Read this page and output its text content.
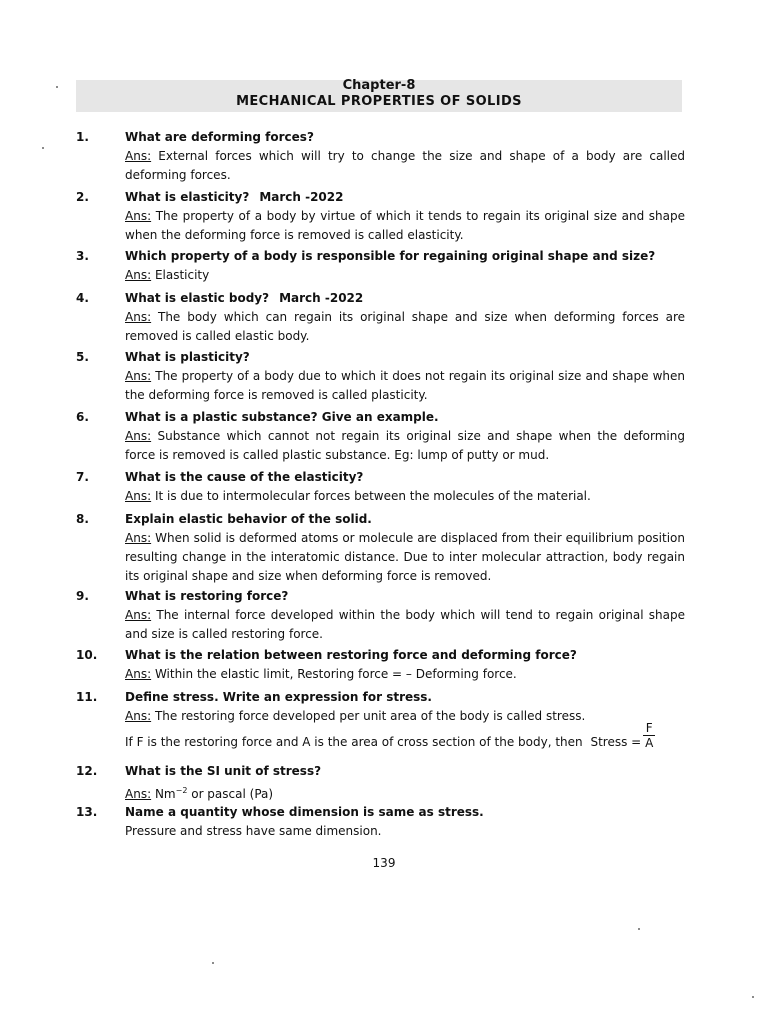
Chapter-8
MECHANICAL PROPERTIES OF SOLIDS
1.	What are deforming forces?
Ans: External forces which will try to change the size and shape of a body are called deforming forces.
2.	What is elasticity? March -2022
Ans: The property of a body by virtue of which it tends to regain its original size and shape when the deforming force is removed is called elasticity.
3.	Which property of a body is responsible for regaining original shape and size?
Ans: Elasticity
4.	What is elastic body? March -2022
Ans: The body which can regain its original shape and size when deforming forces are removed is called elastic body.
5.	What is plasticity?
Ans: The property of a body due to which it does not regain its original size and shape when the deforming force is removed is called plasticity.
6.	What is a plastic substance? Give an example.
Ans: Substance which cannot not regain its original size and shape when the deforming force is removed is called plastic substance. Eg: lump of putty or mud.
7.	What is the cause of the elasticity?
Ans: It is due to intermolecular forces between the molecules of the material.
8.	Explain elastic behavior of the solid.
Ans: When solid is deformed atoms or molecule are displaced from their equilibrium position resulting change in the interatomic distance. Due to inter molecular attraction, body regain its original shape and size when deforming force is removed.
9.	What is restoring force?
Ans: The internal force developed within the body which will tend to regain original shape and size is called restoring force.
10. What is the relation between restoring force and deforming force?
Ans: Within the elastic limit, Restoring force = – Deforming force.
11. Define stress. Write an expression for stress.
Ans: The restoring force developed per unit area of the body is called stress.
If F is the restoring force and A is the area of cross section of the body, then Stress =
F
A
12. What is the SI unit of stress?
Ans: $Nm^{-2}$ or pascal (Pa)
13. Name a quantity whose dimension is same as stress.
Pressure and stress have same dimension.
139
